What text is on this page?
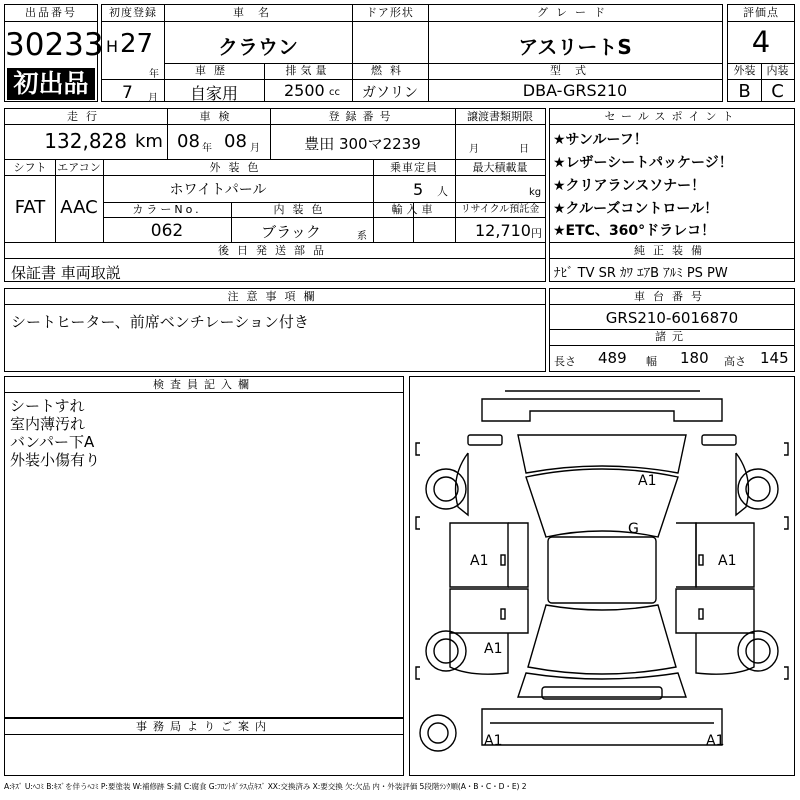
出品番号
30233
初出品
初度登録
H 27
年
7 月
車名
クラウン
ドア形状	グレード
アスリートS
車歴
自家用
排気量
2500 cc
燃料
ガソリン
型式
DBA-GRS210
評価点
4
外装	内装
B	C
走行
132,828 km
車検
08 年 08 月
登録番号
豊田 300マ2239
譲渡書類期限
月	日
シフト
FAT
エアコン
AAC
外装色
ホワイトパール
乗車定員
5 人
最大積載量
kg
カラーNo.
062
内装色
ブラック	系
輸入車	リサイクル預託金
12,710 円
後日発送部品
保証書 車両取説
セールスポイント
★サンルーフ！
★レザーシートパッケージ！
★クリアランスソナー！
★クルーズコントロール！
★ETC、360°ドラレコ！
純正装備
ﾅﾋﾞ TV SR ｶﾜ ｴｱB ｱﾙﾐ PS PW
注意事項欄
シートヒーター、前席ベンチレーション付き
車台番号
GRS210-6016870
諸元
長さ 489 幅 180 高さ 145
検査員記入欄
シートすれ
室内薄汚れ
バンパー下A
外装小傷有り
事務局よりご案内
A1
G
A1	A1
A1
A1	A1
A:ｷｽﾞ U:ﾍｺﾐ B:ｷｽﾞを伴うﾍｺﾐ P:要塗装 W:補修跡 S:錆 C:腐食 G:ﾌﾛﾝﾄｶﾞﾗｽ点ｷｽﾞ XX:交換済み X:要交換 欠:欠品 内・外装評価 5段階ﾗﾝｸ順(A・B・C・D・E) 2
